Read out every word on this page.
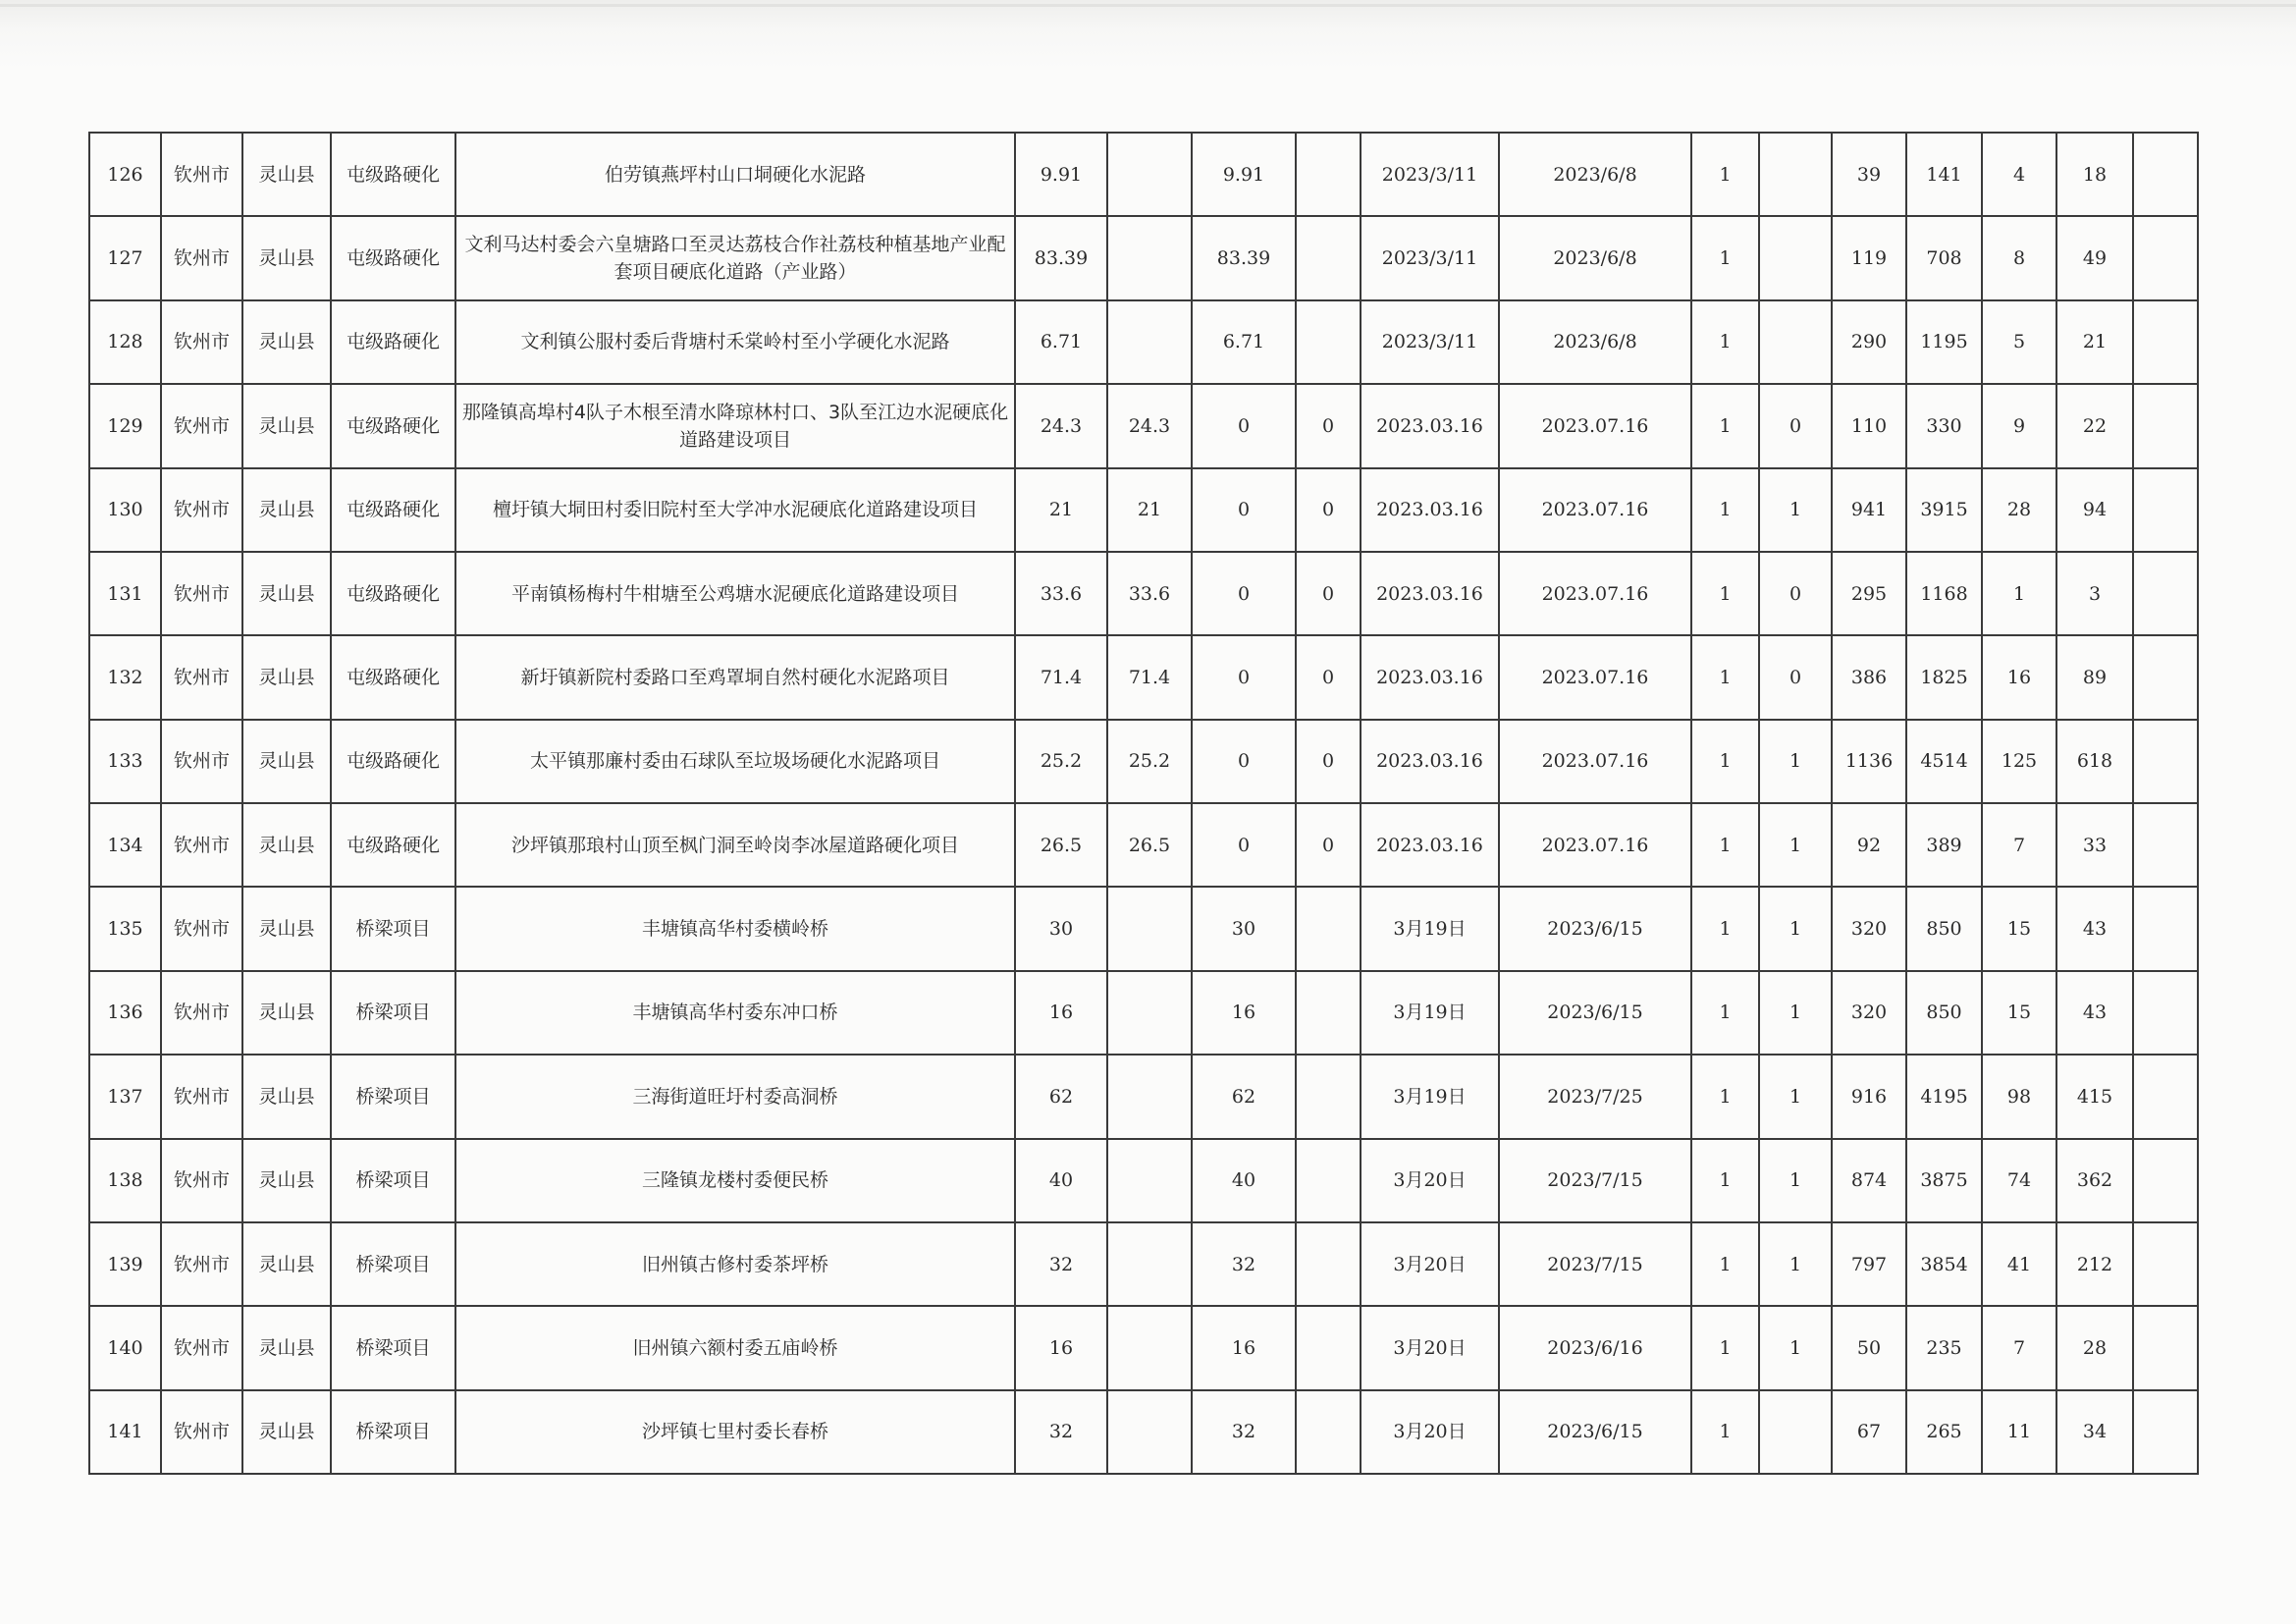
126	钦州市	灵山县	屯级路硬化	伯劳镇燕坪村山口垌硬化水泥路	9.91		9.91		2023/3/11	2023/6/8	1		39	141	4	18	
127	钦州市	灵山县	屯级路硬化	文利马达村委会六皇塘路口至灵达荔枝合作社荔枝种植基地产业配套项目硬底化道路（产业路）	83.39		83.39		2023/3/11	2023/6/8	1		119	708	8	49	
128	钦州市	灵山县	屯级路硬化	文利镇公服村委后背塘村禾棠岭村至小学硬化水泥路	6.71		6.71		2023/3/11	2023/6/8	1		290	1195	5	21	
129	钦州市	灵山县	屯级路硬化	那隆镇高埠村4队子木根至清水降琼林村口、3队至江边水泥硬底化道路建设项目	24.3	24.3	0	0	2023.03.16	2023.07.16	1	0	110	330	9	22	
130	钦州市	灵山县	屯级路硬化	檀圩镇大垌田村委旧院村至大学冲水泥硬底化道路建设项目	21	21	0	0	2023.03.16	2023.07.16	1	1	941	3915	28	94	
131	钦州市	灵山县	屯级路硬化	平南镇杨梅村牛柑塘至公鸡塘水泥硬底化道路建设项目	33.6	33.6	0	0	2023.03.16	2023.07.16	1	0	295	1168	1	3	
132	钦州市	灵山县	屯级路硬化	新圩镇新院村委路口至鸡罩垌自然村硬化水泥路项目	71.4	71.4	0	0	2023.03.16	2023.07.16	1	0	386	1825	16	89	
133	钦州市	灵山县	屯级路硬化	太平镇那廉村委由石球队至垃圾场硬化水泥路项目	25.2	25.2	0	0	2023.03.16	2023.07.16	1	1	1136	4514	125	618	
134	钦州市	灵山县	屯级路硬化	沙坪镇那琅村山顶至枫门洞至岭岗李冰屋道路硬化项目	26.5	26.5	0	0	2023.03.16	2023.07.16	1	1	92	389	7	33	
135	钦州市	灵山县	桥梁项目	丰塘镇高华村委横岭桥	30		30		3月19日	2023/6/15	1	1	320	850	15	43	
136	钦州市	灵山县	桥梁项目	丰塘镇高华村委东冲口桥	16		16		3月19日	2023/6/15	1	1	320	850	15	43	
137	钦州市	灵山县	桥梁项目	三海街道旺圩村委高洞桥	62		62		3月19日	2023/7/25	1	1	916	4195	98	415	
138	钦州市	灵山县	桥梁项目	三隆镇龙楼村委便民桥	40		40		3月20日	2023/7/15	1	1	874	3875	74	362	
139	钦州市	灵山县	桥梁项目	旧州镇古修村委茶坪桥	32		32		3月20日	2023/7/15	1	1	797	3854	41	212	
140	钦州市	灵山县	桥梁项目	旧州镇六额村委五庙岭桥	16		16		3月20日	2023/6/16	1	1	50	235	7	28	
141	钦州市	灵山县	桥梁项目	沙坪镇七里村委长春桥	32		32		3月20日	2023/6/15	1		67	265	11	34	
